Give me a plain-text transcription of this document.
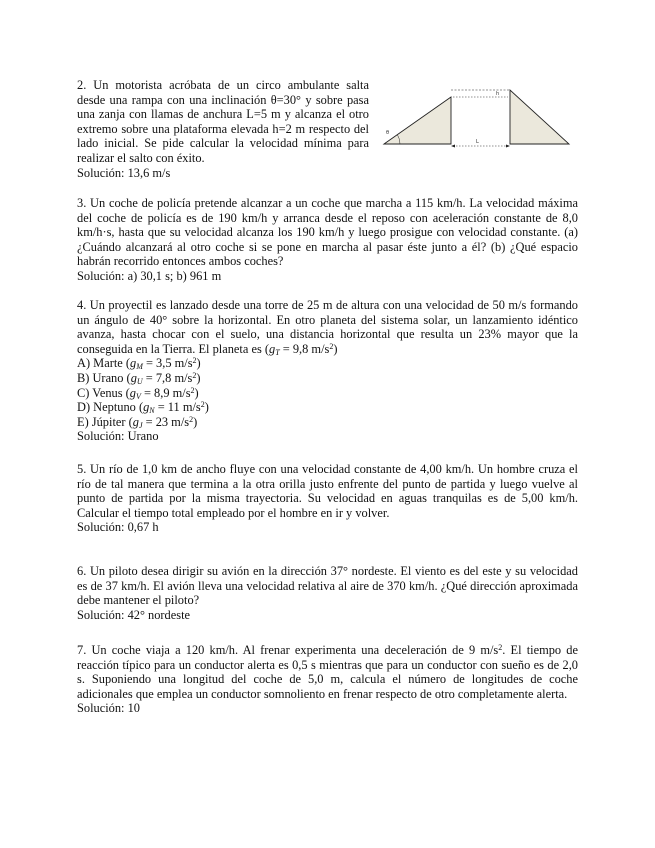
2. Un motorista acróbata de un circo ambulante salta desde una rampa con una inclinación θ=30° y sobre pasa una zanja con llamas de anchura L=5 m y alcanza el otro extremo sobre una plataforma elevada h=2 m respecto del lado inicial. Se pide calcular la velocidad mínima para realizar el salto con éxito.

Solución: 13,6 m/s

θ
h
L

3. Un coche de policía pretende alcanzar a un coche que marcha a 115 km/h. La velocidad máxima del coche de policía es de 190 km/h y arranca desde el reposo con aceleración constante de 8,0 km/h·s, hasta que su velocidad alcanza los 190 km/h y luego prosigue con velocidad constante. (a) ¿Cuándo alcanzará al otro coche si se pone en marcha al pasar éste junto a él? (b) ¿Qué espacio habrán recorrido entonces ambos coches?

Solución: a) 30,1 s; b) 961 m

4. Un proyectil es lanzado desde una torre de 25 m de altura con una velocidad de 50 m/s formando un ángulo de 40° sobre la horizontal. En otro planeta del sistema solar, un lanzamiento idéntico avanza, hasta chocar con el suelo, una distancia horizontal que resulta un 23% mayor que la conseguida en la Tierra. El planeta es ($g_T = 9,8$ $m/s^2$)

A) Marte ($g_M = 3,5$ $m/s^2$)
B) Urano ($g_U = 7,8$ $m/s^2$)
C) Venus ($g_V = 8,9$ $m/s^2$)
D) Neptuno ($g_N = 11$ $m/s^2$)
E) Júpiter ($g_J = 23$ $m/s^2$)

Solución: Urano

5. Un río de 1,0 km de ancho fluye con una velocidad constante de 4,00 km/h. Un hombre cruza el río de tal manera que termina a la otra orilla justo enfrente del punto de partida y luego vuelve al punto de partida por la misma trayectoria. Su velocidad en aguas tranquilas es de 5,00 km/h. Calcular el tiempo total empleado por el hombre en ir y volver.

Solución: 0,67 h

6. Un piloto desea dirigir su avión en la dirección 37° nordeste. El viento es del este y su velocidad es de 37 km/h. El avión lleva una velocidad relativa al aire de 370 km/h. ¿Qué dirección aproximada debe mantener el piloto?

Solución: 42° nordeste

7. Un coche viaja a 120 km/h. Al frenar experimenta una deceleración de 9 $m/s^2$. El tiempo de reacción típico para un conductor alerta es 0,5 s mientras que para un conductor con sueño es de 2,0 s. Suponiendo una longitud del coche de 5,0 m, calcula el número de longitudes de coche adicionales que emplea un conductor somnoliento en frenar respecto de otro completamente alerta.

Solución: 10
